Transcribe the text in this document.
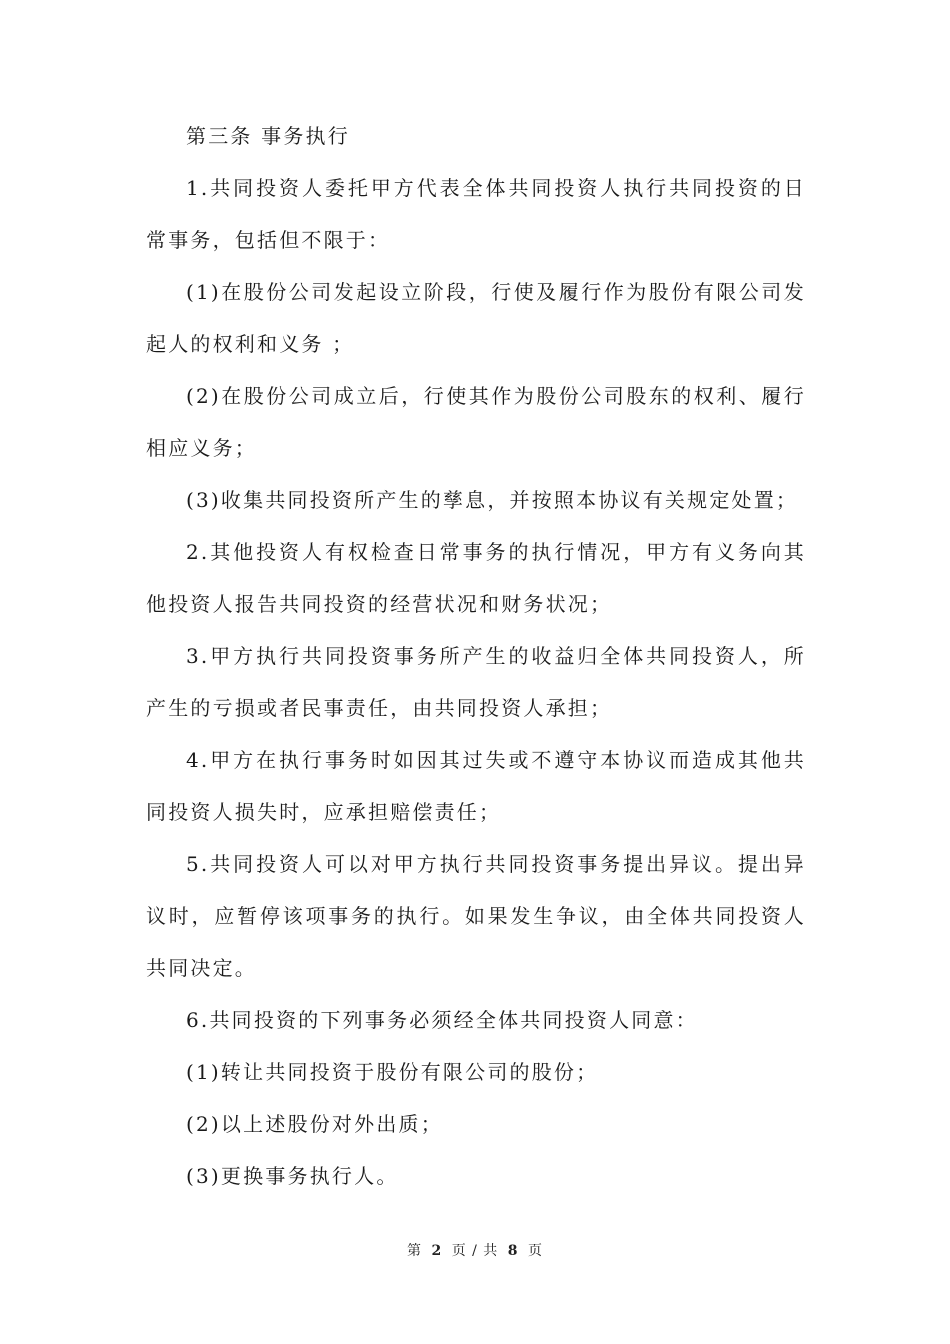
第三条 事务执行

1.共同投资人委托甲方代表全体共同投资人执行共同投资的日常事务，包括但不限于：

(1)在股份公司发起设立阶段，行使及履行作为股份有限公司发起人的权利和义务 ；

(2)在股份公司成立后，行使其作为股份公司股东的权利、履行相应义务；

(3)收集共同投资所产生的孳息，并按照本协议有关规定处置；

2.其他投资人有权检查日常事务的执行情况，甲方有义务向其他投资人报告共同投资的经营状况和财务状况；

3.甲方执行共同投资事务所产生的收益归全体共同投资人，所产生的亏损或者民事责任，由共同投资人承担；

4.甲方在执行事务时如因其过失或不遵守本协议而造成其他共同投资人损失时，应承担赔偿责任；

5.共同投资人可以对甲方执行共同投资事务提出异议。提出异议时，应暂停该项事务的执行。如果发生争议，由全体共同投资人共同决定。

6.共同投资的下列事务必须经全体共同投资人同意：

(1)转让共同投资于股份有限公司的股份；

(2)以上述股份对外出质；

(3)更换事务执行人。

第 2 页 / 共 8 页
